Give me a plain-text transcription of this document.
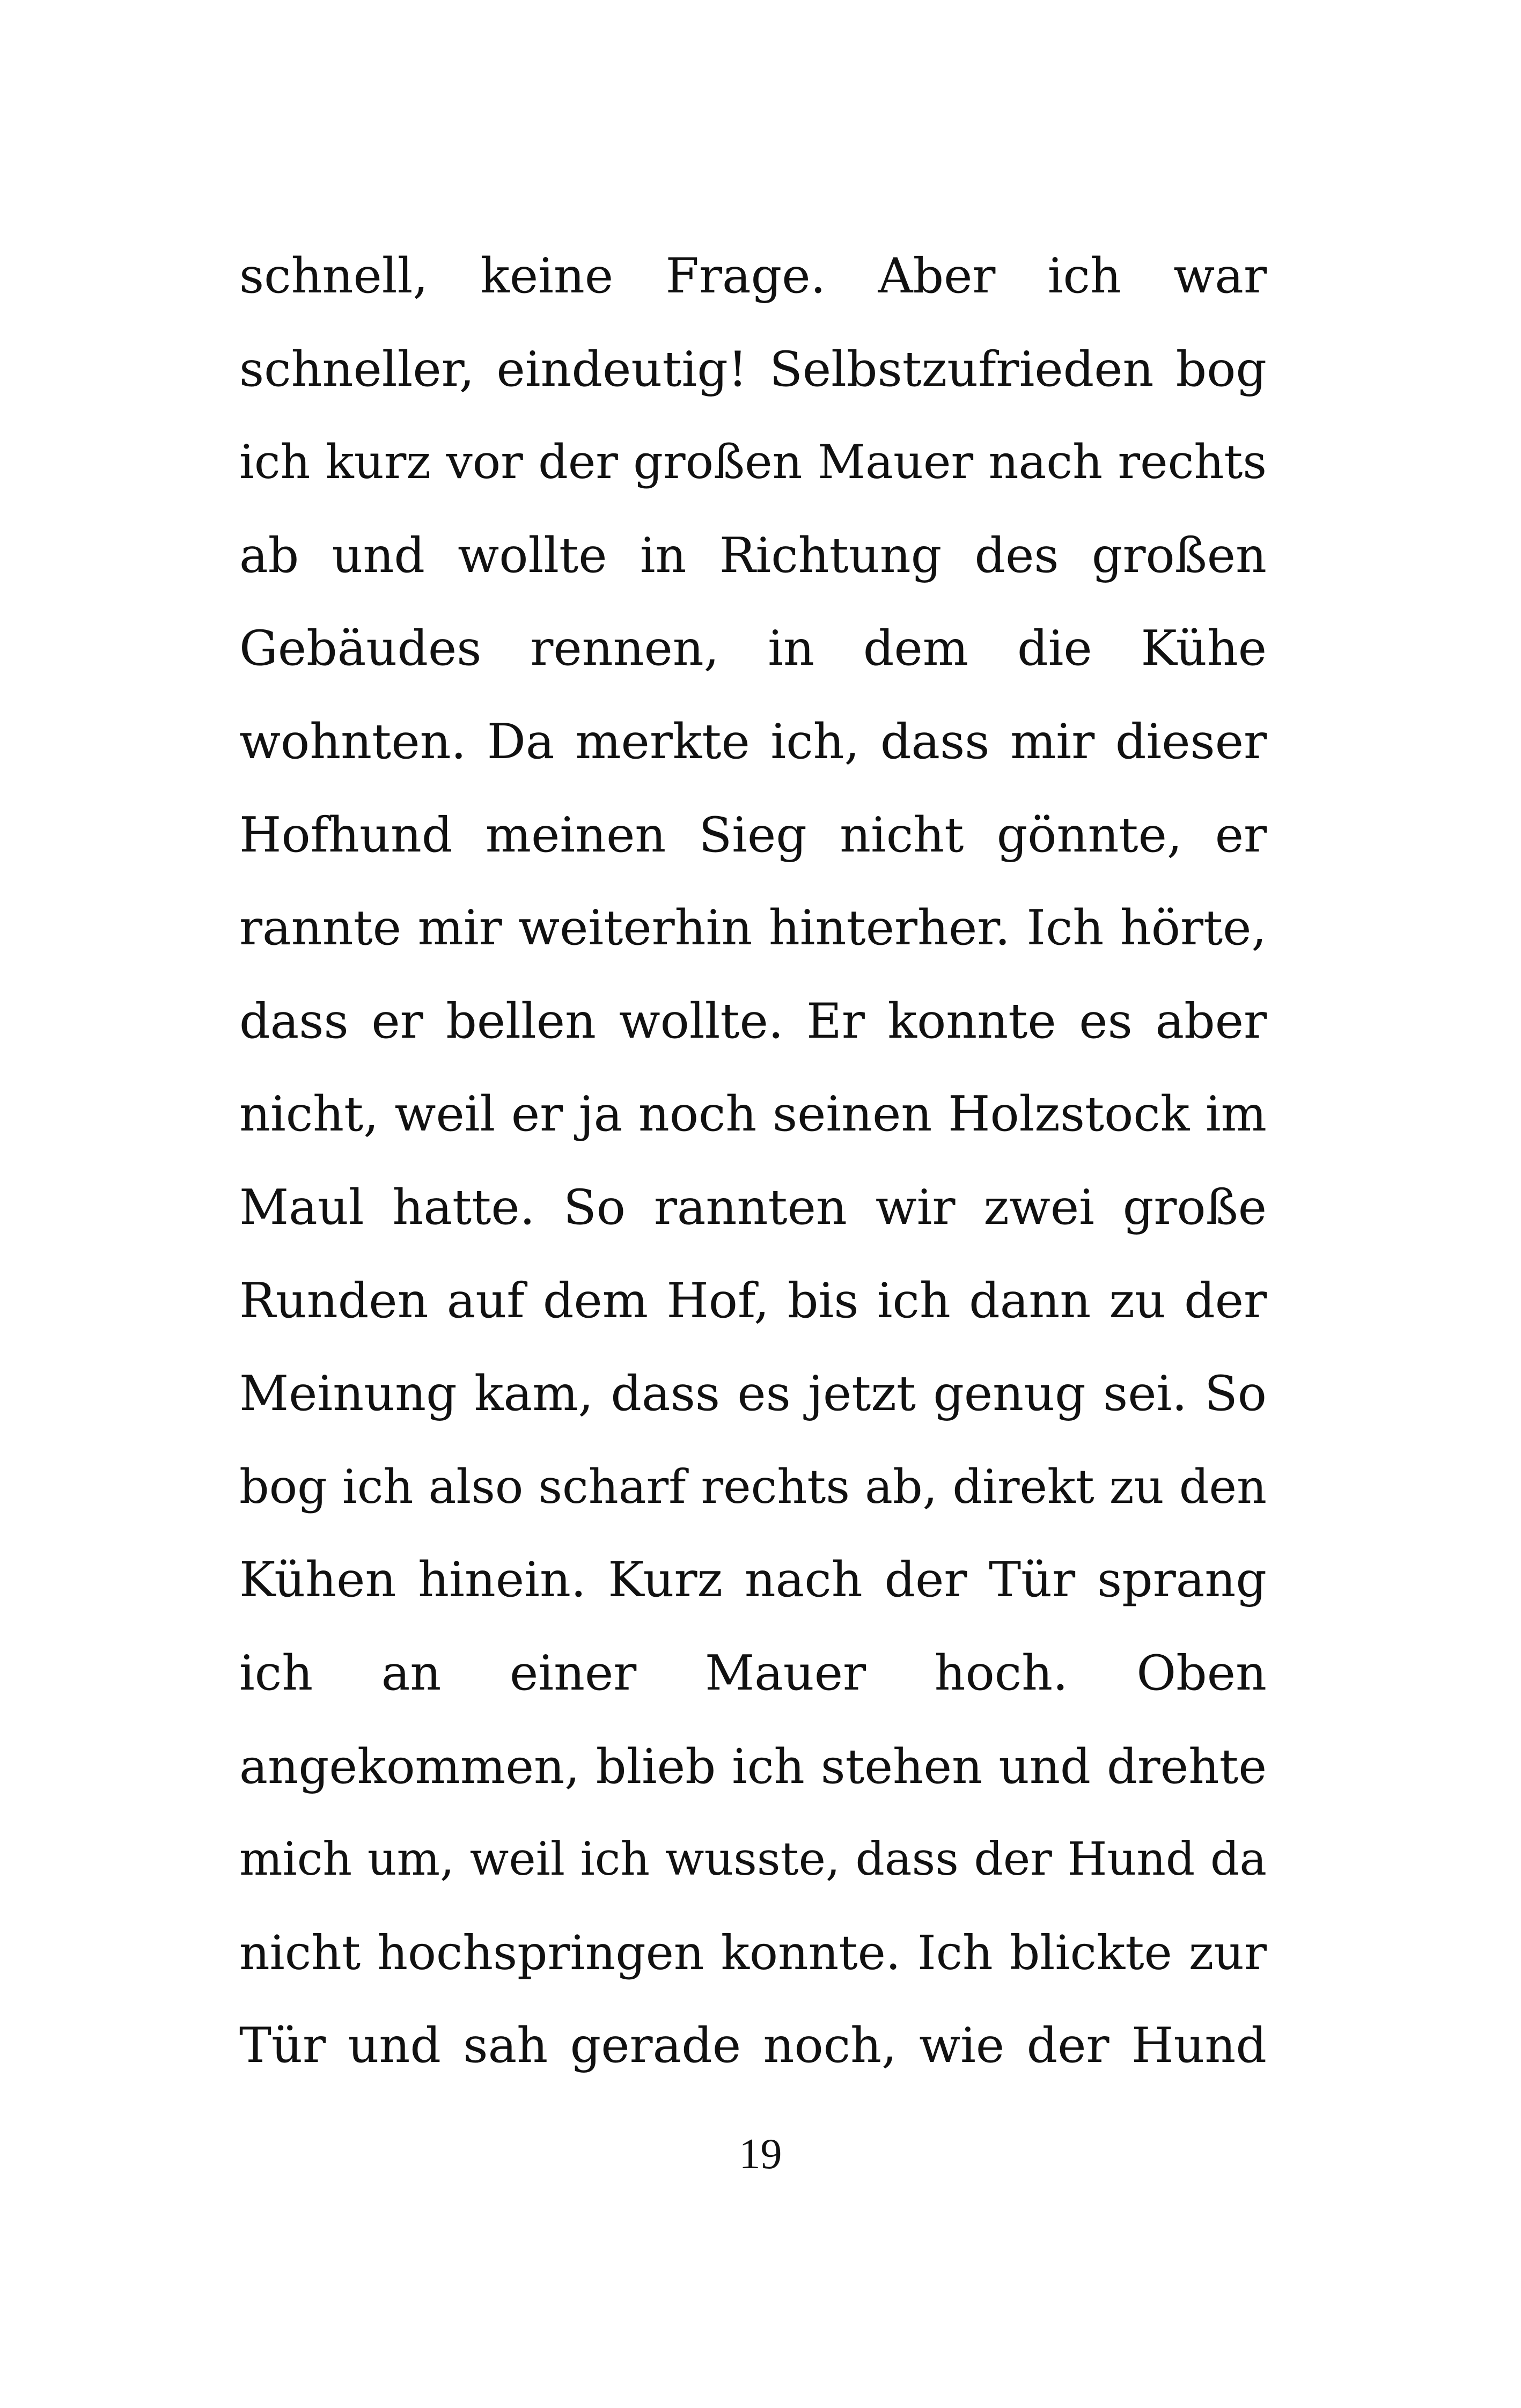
schnell, keine Frage. Aber ich war
schneller, eindeutig! Selbstzufrieden bog
ich kurz vor der großen Mauer nach rechts
ab und wollte in Richtung des großen
Gebäudes rennen, in dem die Kühe
wohnten. Da merkte ich, dass mir dieser
Hofhund meinen Sieg nicht gönnte, er
rannte mir weiterhin hinterher. Ich hörte,
dass er bellen wollte. Er konnte es aber
nicht, weil er ja noch seinen Holzstock im
Maul hatte. So rannten wir zwei große
Runden auf dem Hof, bis ich dann zu der
Meinung kam, dass es jetzt genug sei. So
bog ich also scharf rechts ab, direkt zu den
Kühen hinein. Kurz nach der Tür sprang
ich an einer Mauer hoch. Oben
angekommen, blieb ich stehen und drehte
mich um, weil ich wusste, dass der Hund da
nicht hochspringen konnte. Ich blickte zur
Tür und sah gerade noch, wie der Hund
19
